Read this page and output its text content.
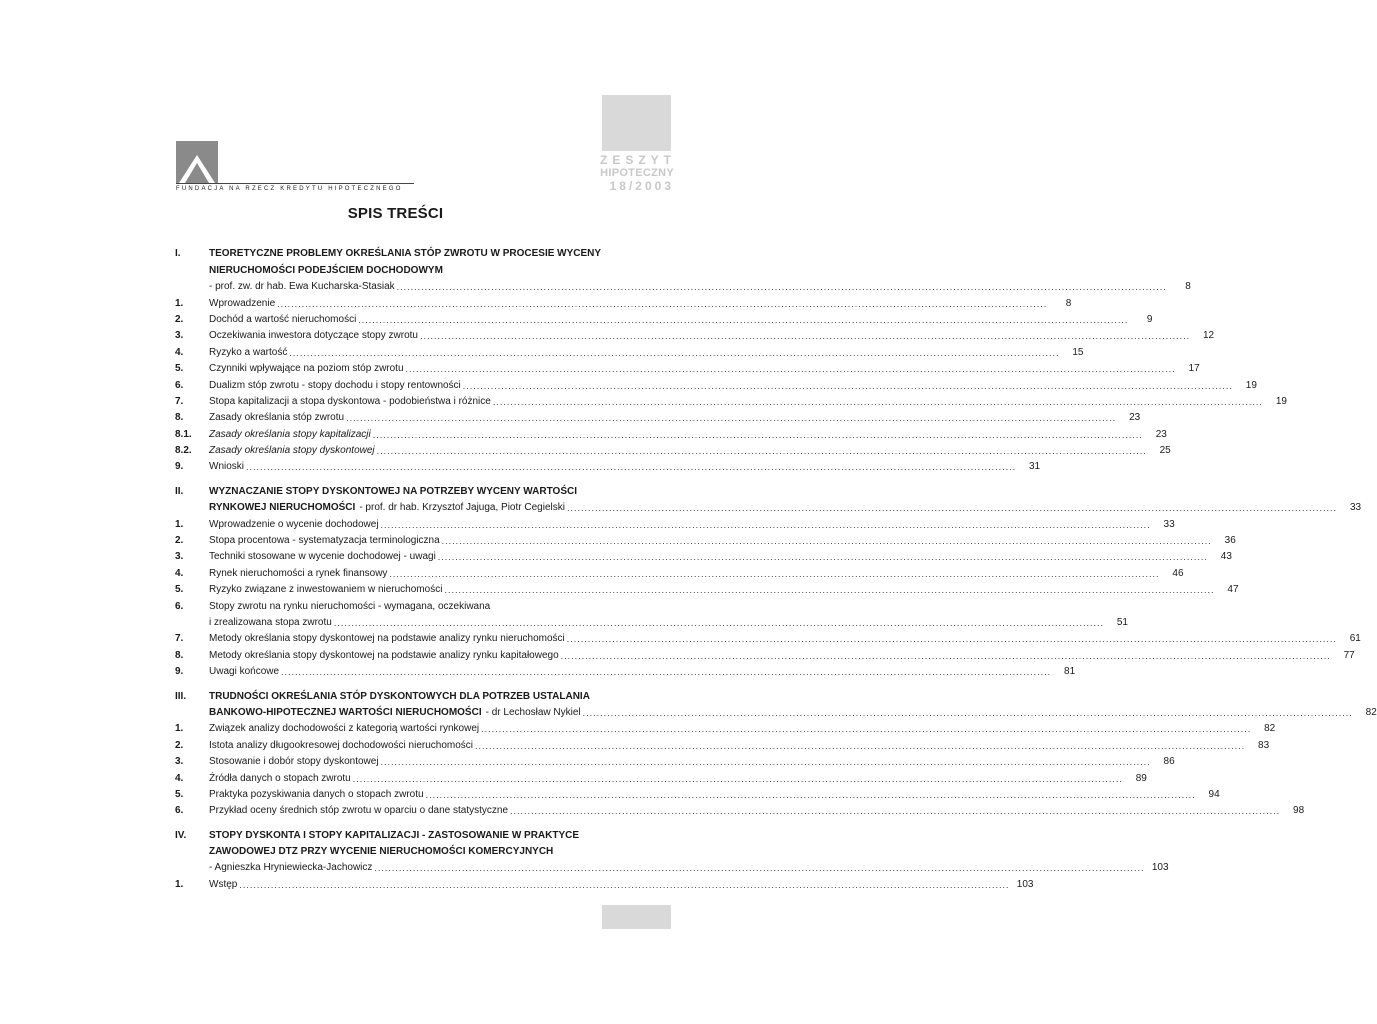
ZESZYT
HIPOTECZNY
18/2003
FUNDACJA NA RZECZ KREDYTU HIPOTECZNEGO
SPIS TREŚCI
I.	TEORETYCZNE PROBLEMY OKREŚLANIA STÓP ZWROTU W PROCESIE WYCENY
NIERUCHOMOŚCI PODEJŚCIEM DOCHODOWYM
- prof. zw. dr hab. Ewa Kucharska-Stasiak ............................................................................................................................................................................................................................	8
1.	Wprowadzenie ............................................................................................................................................................................................................................	8
2.	Dochód a wartość nieruchomości ............................................................................................................................................................................................................................	9
3.	Oczekiwania inwestora dotyczące stopy zwrotu ............................................................................................................................................................................................................................	12
4.	Ryzyko a wartość ............................................................................................................................................................................................................................	15
5.	Czynniki wpływające na poziom stóp zwrotu ............................................................................................................................................................................................................................	17
6.	Dualizm stóp zwrotu - stopy dochodu i stopy rentowności ............................................................................................................................................................................................................................	19
7.	Stopa kapitalizacji a stopa dyskontowa - podobieństwa i różnice ............................................................................................................................................................................................................................	19
8.	Zasady określania stóp zwrotu ............................................................................................................................................................................................................................	23
8.1.	Zasady określania stopy kapitalizacji ............................................................................................................................................................................................................................	23
8.2.	Zasady określania stopy dyskontowej ............................................................................................................................................................................................................................	25
9.	Wnioski ............................................................................................................................................................................................................................	31
II.	WYZNACZANIE STOPY DYSKONTOWEJ NA POTRZEBY WYCENY WARTOŚCI
RYNKOWEJ NIERUCHOMOŚCI - prof. dr hab. Krzysztof Jajuga, Piotr Cegielski ............................................................................................................................................................................................................................	33
1.	Wprowadzenie o wycenie dochodowej ............................................................................................................................................................................................................................	33
2.	Stopa procentowa - systematyzacja terminologiczna ............................................................................................................................................................................................................................	36
3.	Techniki stosowane w wycenie dochodowej - uwagi ............................................................................................................................................................................................................................	43
4.	Rynek nieruchomości a rynek finansowy ............................................................................................................................................................................................................................	46
5.	Ryzyko związane z inwestowaniem w nieruchomości ............................................................................................................................................................................................................................	47
6.	Stopy zwrotu na rynku nieruchomości - wymagana, oczekiwana
i zrealizowana stopa zwrotu ............................................................................................................................................................................................................................	51
7.	Metody określania stopy dyskontowej na podstawie analizy rynku nieruchomości ............................................................................................................................................................................................................................	61
8.	Metody określania stopy dyskontowej na podstawie analizy rynku kapitałowego ............................................................................................................................................................................................................................	77
9.	Uwagi końcowe ............................................................................................................................................................................................................................	81
III.	TRUDNOŚCI OKREŚLANIA STÓP DYSKONTOWYCH DLA POTRZEB USTALANIA
BANKOWO-HIPOTECZNEJ WARTOŚCI NIERUCHOMOŚCI - dr Lechosław Nykiel ............................................................................................................................................................................................................................	82
1.	Związek analizy dochodowości z kategorią wartości rynkowej ............................................................................................................................................................................................................................	82
2.	Istota analizy długookresowej dochodowości nieruchomości ............................................................................................................................................................................................................................	83
3.	Stosowanie i dobór stopy dyskontowej ............................................................................................................................................................................................................................	86
4.	Źródła danych o stopach zwrotu ............................................................................................................................................................................................................................	89
5.	Praktyka pozyskiwania danych o stopach zwrotu ............................................................................................................................................................................................................................	94
6.	Przykład oceny średnich stóp zwrotu w oparciu o dane statystyczne ............................................................................................................................................................................................................................	98
IV.	STOPY DYSKONTA I STOPY KAPITALIZACJI - ZASTOSOWANIE W PRAKTYCE
ZAWODOWEJ DTZ PRZY WYCENIE NIERUCHOMOŚCI KOMERCYJNYCH
- Agnieszka Hryniewiecka-Jachowicz ............................................................................................................................................................................................................................ 103
1.	Wstęp ............................................................................................................................................................................................................................ 103
